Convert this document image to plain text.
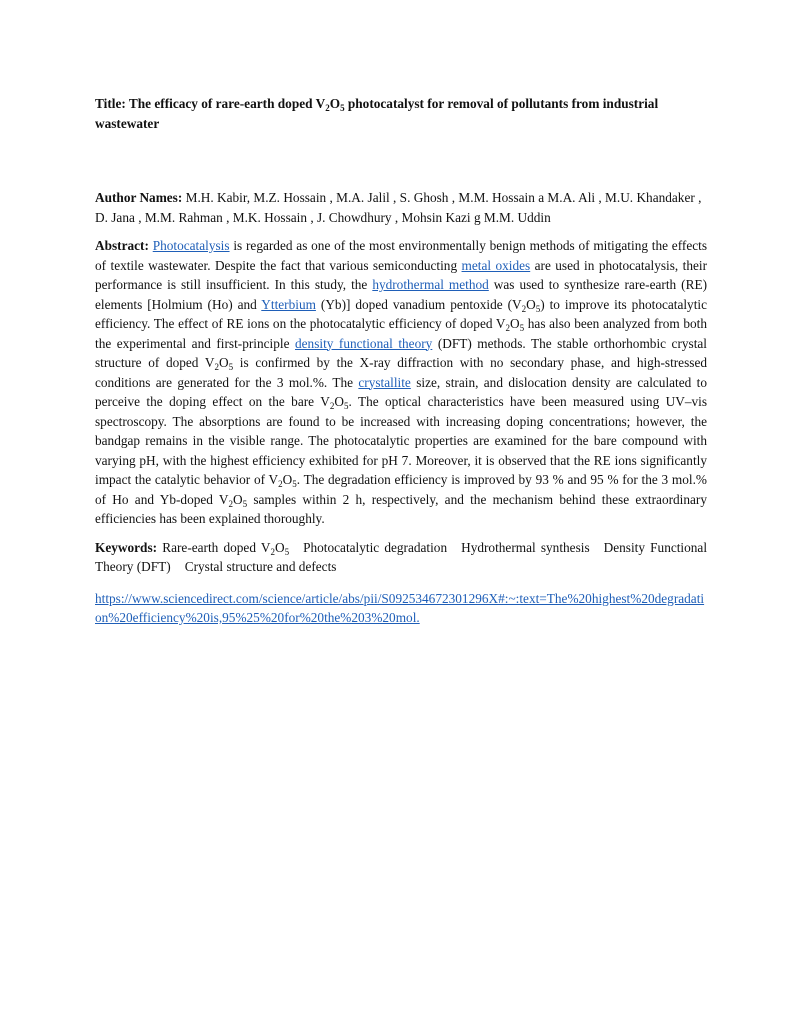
Title: The efficacy of rare-earth doped $V_2O_5$ photocatalyst for removal of pollutants from industrial wastewater

Author Names: M.H. Kabir, M.Z. Hossain , M.A. Jalil , S. Ghosh , M.M. Hossain a M.A. Ali , M.U. Khandaker , D. Jana , M.M. Rahman , M.K. Hossain , J. Chowdhury , Mohsin Kazi g M.M. Uddin

Abstract: Photocatalysis is regarded as one of the most environmentally benign methods of mitigating the effects of textile wastewater. Despite the fact that various semiconducting metal oxides are used in photocatalysis, their performance is still insufficient. In this study, the hydrothermal method was used to synthesize rare-earth (RE) elements [Holmium (Ho) and Ytterbium (Yb)] doped vanadium pentoxide $(V_2O_5)$ to improve its photocatalytic efficiency. The effect of RE ions on the photocatalytic efficiency of doped $V_2O_5$ has also been analyzed from both the experimental and first-principle density functional theory (DFT) methods. The stable orthorhombic crystal structure of doped $V_2O_5$ is confirmed by the X-ray diffraction with no secondary phase, and high-stressed conditions are generated for the 3 mol.%. The crystallite size, strain, and dislocation density are calculated to perceive the doping effect on the bare $V_2O_5$. The optical characteristics have been measured using UV–vis spectroscopy. The absorptions are found to be increased with increasing doping concentrations; however, the bandgap remains in the visible range. The photocatalytic properties are examined for the bare compound with varying pH, with the highest efficiency exhibited for pH 7. Moreover, it is observed that the RE ions significantly impact the catalytic behavior of $V_2O_5$. The degradation efficiency is improved by 93 % and 95 % for the 3 mol.% of Ho and Yb-doped $V_2O_5$ samples within 2 h, respectively, and the mechanism behind these extraordinary efficiencies has been explained thoroughly.

Keywords: Rare-earth doped $V_2O_5$ Photocatalytic degradation Hydrothermal synthesis Density Functional Theory (DFT) Crystal structure and defects

https://www.sciencedirect.com/science/article/abs/pii/S092534672301296X#:~:text=The%20highest%20degradation%20efficiency%20is,95%25%20for%20the%203%20mol.
